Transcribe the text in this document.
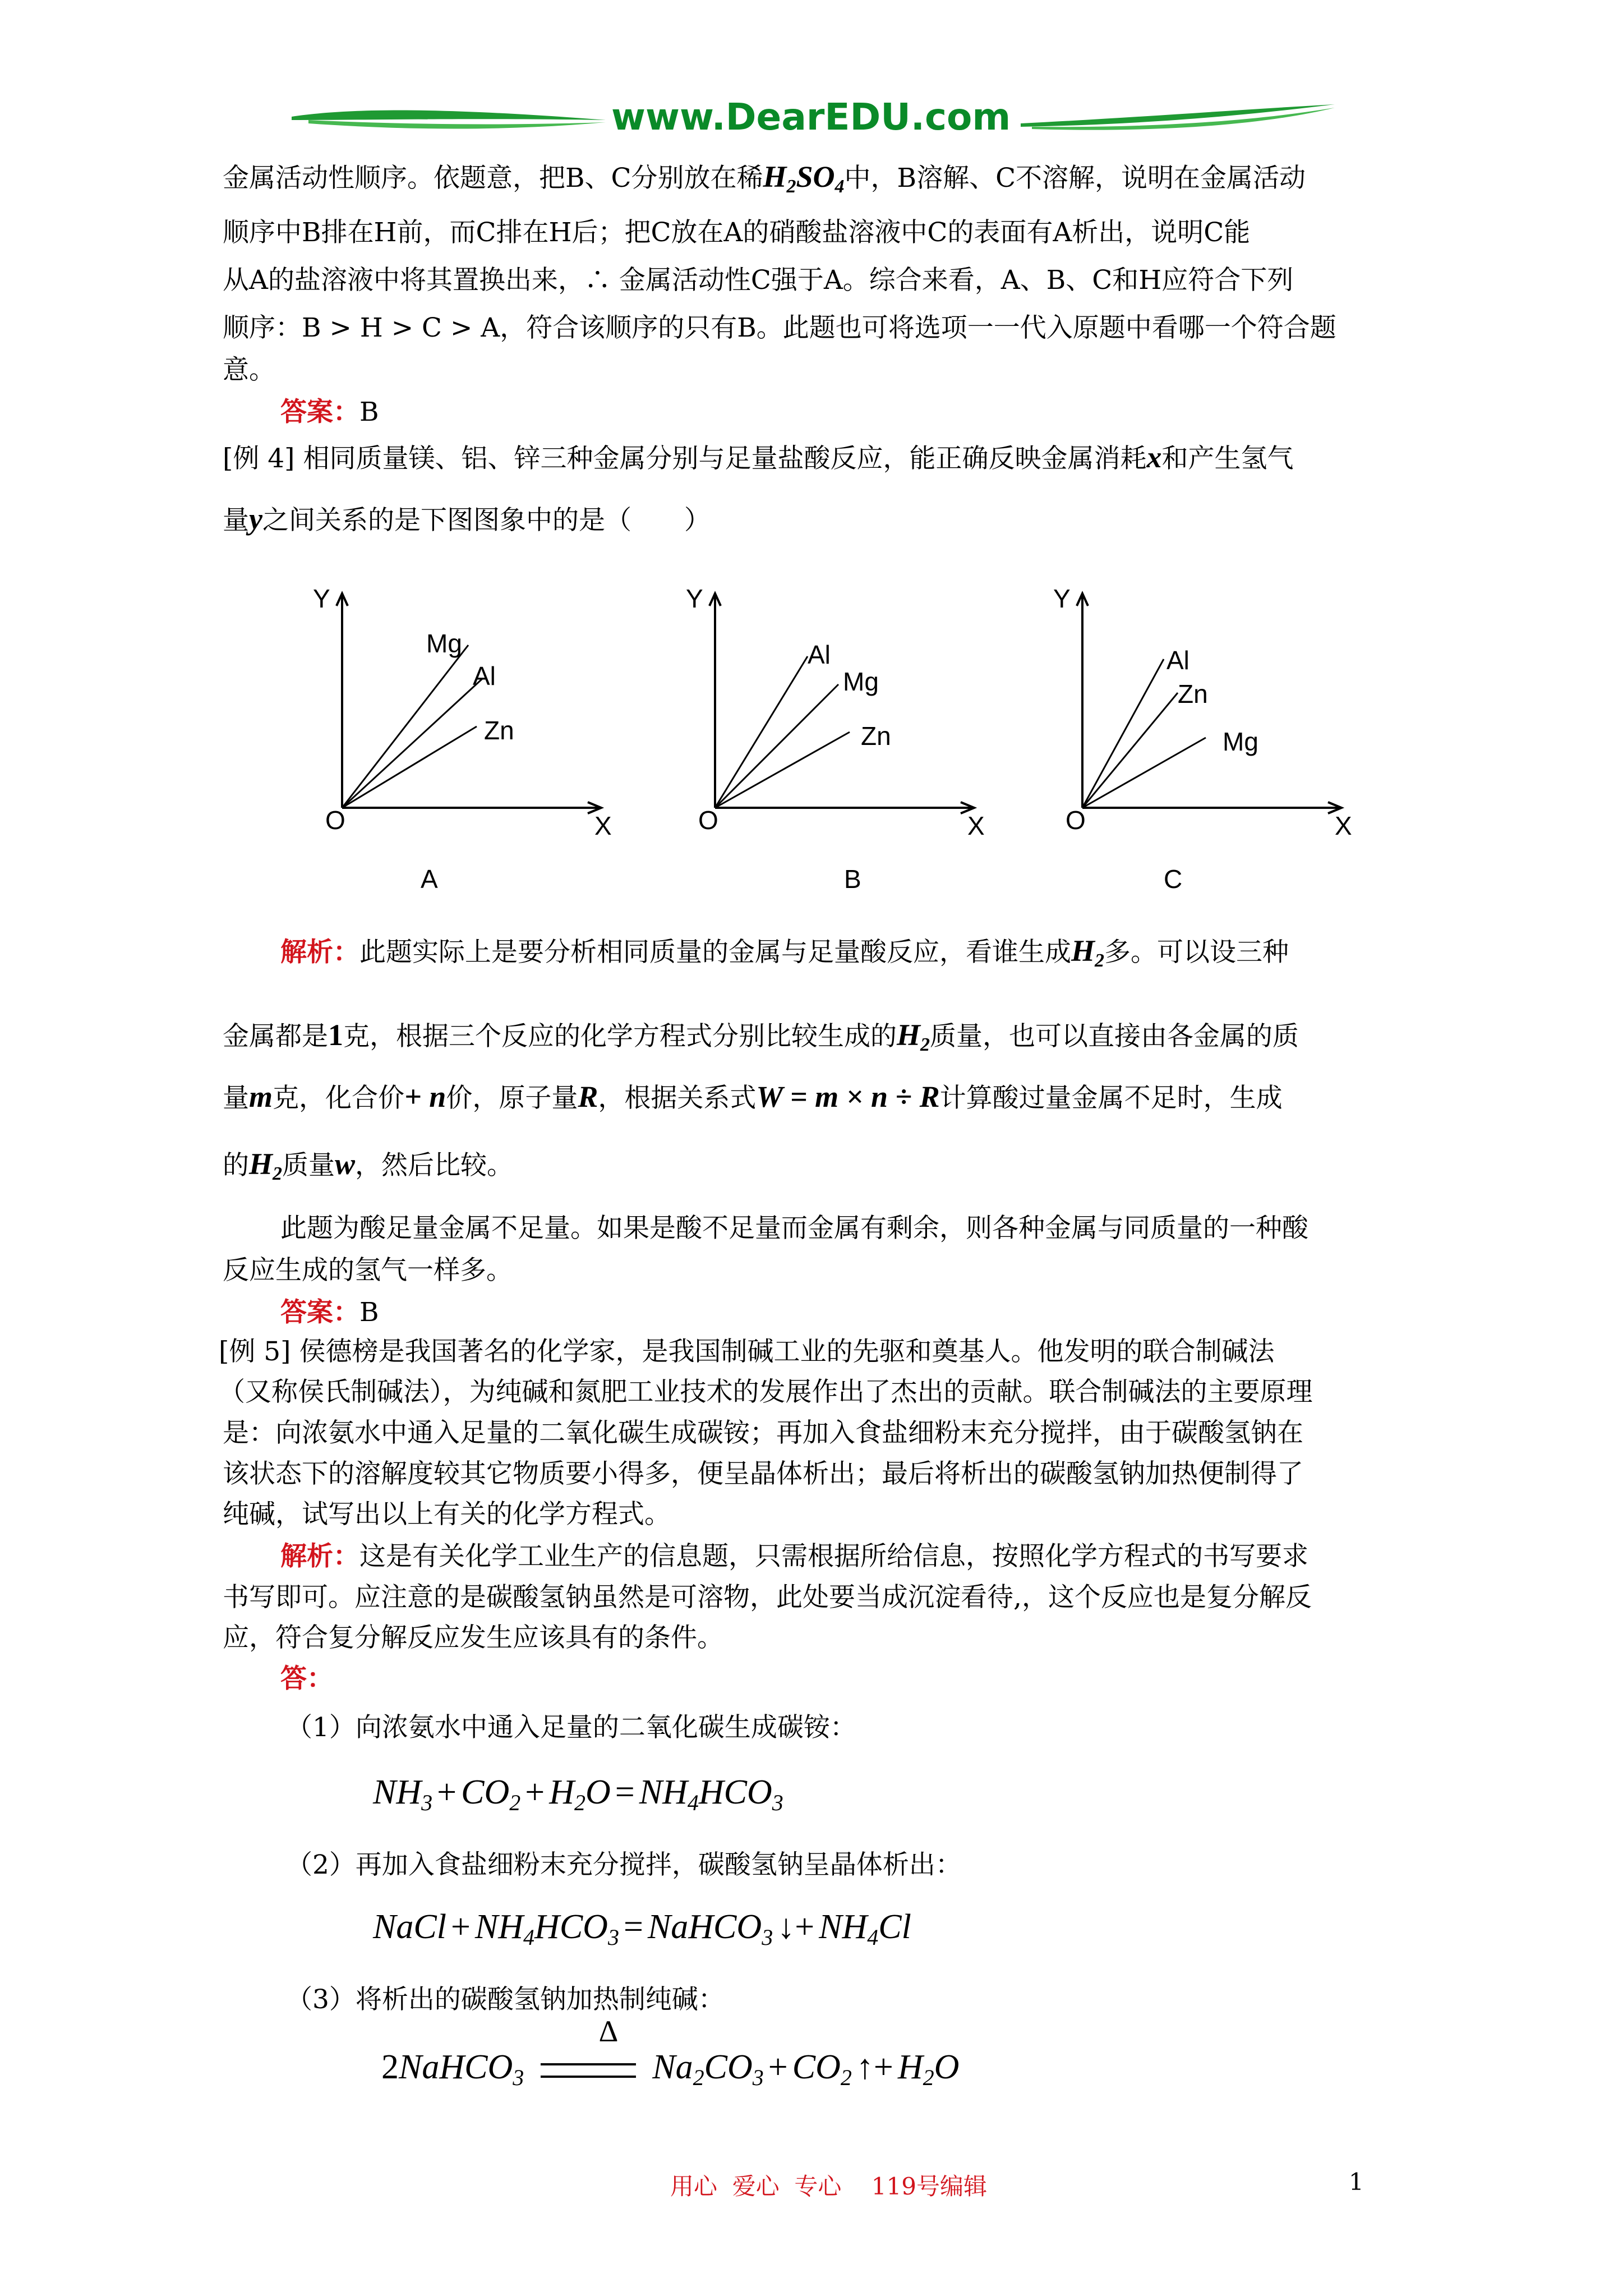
www.DearEDU.com
金属活动性顺序。依题意，把B、C分别放在稀$H_2SO_4$中，B溶解、C不溶解，说明在金属活动
顺序中B排在H前，而C排在H后；把C放在A的硝酸盐溶液中C的表面有A析出，说明C能
从A的盐溶液中将其置换出来，∴ 金属活动性C强于A。综合来看，A、B、C和H应符合下列
顺序：B > H > C > A，符合该顺序的只有B。此题也可将选项一一代入原题中看哪一个符合题
意。
答案：B
[例 4] 相同质量镁、铝、锌三种金属分别与足量盐酸反应，能正确反映金属消耗x和产生氢气
量y之间关系的是下图图象中的是（　　）
Y
X
O
Mg
Al
Zn
A
Y
X
O
Al
Mg
Zn
B
Y
X
O
Al
Zn
Mg
C
解析：此题实际上是要分析相同质量的金属与足量酸反应，看谁生成$H_2$多。可以设三种
金属都是1克，根据三个反应的化学方程式分别比较生成的$H_2$质量，也可以直接由各金属的质
量m克，化合价+ n价，原子量R，根据关系式W = m × n ÷ R计算酸过量金属不足时，生成
的$H_2$质量w，然后比较。
此题为酸足量金属不足量。如果是酸不足量而金属有剩余，则各种金属与同质量的一种酸
反应生成的氢气一样多。
答案：B
[例 5] 侯德榜是我国著名的化学家，是我国制碱工业的先驱和奠基人。他发明的联合制碱法
（又称侯氏制碱法），为纯碱和氮肥工业技术的发展作出了杰出的贡献。联合制碱法的主要原理
是：向浓氨水中通入足量的二氧化碳生成碳铵；再加入食盐细粉末充分搅拌，由于碳酸氢钠在
该状态下的溶解度较其它物质要小得多，便呈晶体析出；最后将析出的碳酸氢钠加热便制得了
纯碱，试写出以上有关的化学方程式。
解析：这是有关化学工业生产的信息题，只需根据所给信息，按照化学方程式的书写要求
书写即可。应注意的是碳酸氢钠虽然是可溶物，此处要当成沉淀看待,，这个反应也是复分解反
应，符合复分解反应发生应该具有的条件。
答：
（1）向浓氨水中通入足量的二氧化碳生成碳铵：
$NH_3 + CO_2 + H_2O = NH_4HCO_3$
（2）再加入食盐细粉末充分搅拌，碳酸氢钠呈晶体析出：
NaCl + $NH_4HCO_3$ = NaHCO$_3$ ↓+ $NH_4Cl$
（3）将析出的碳酸氢钠加热制纯碱：
2NaHCO$_3$
Δ
$Na_2CO_3 + CO_2$ ↑+ $H_2O$
用心  爱心  专心    119号编辑	1
